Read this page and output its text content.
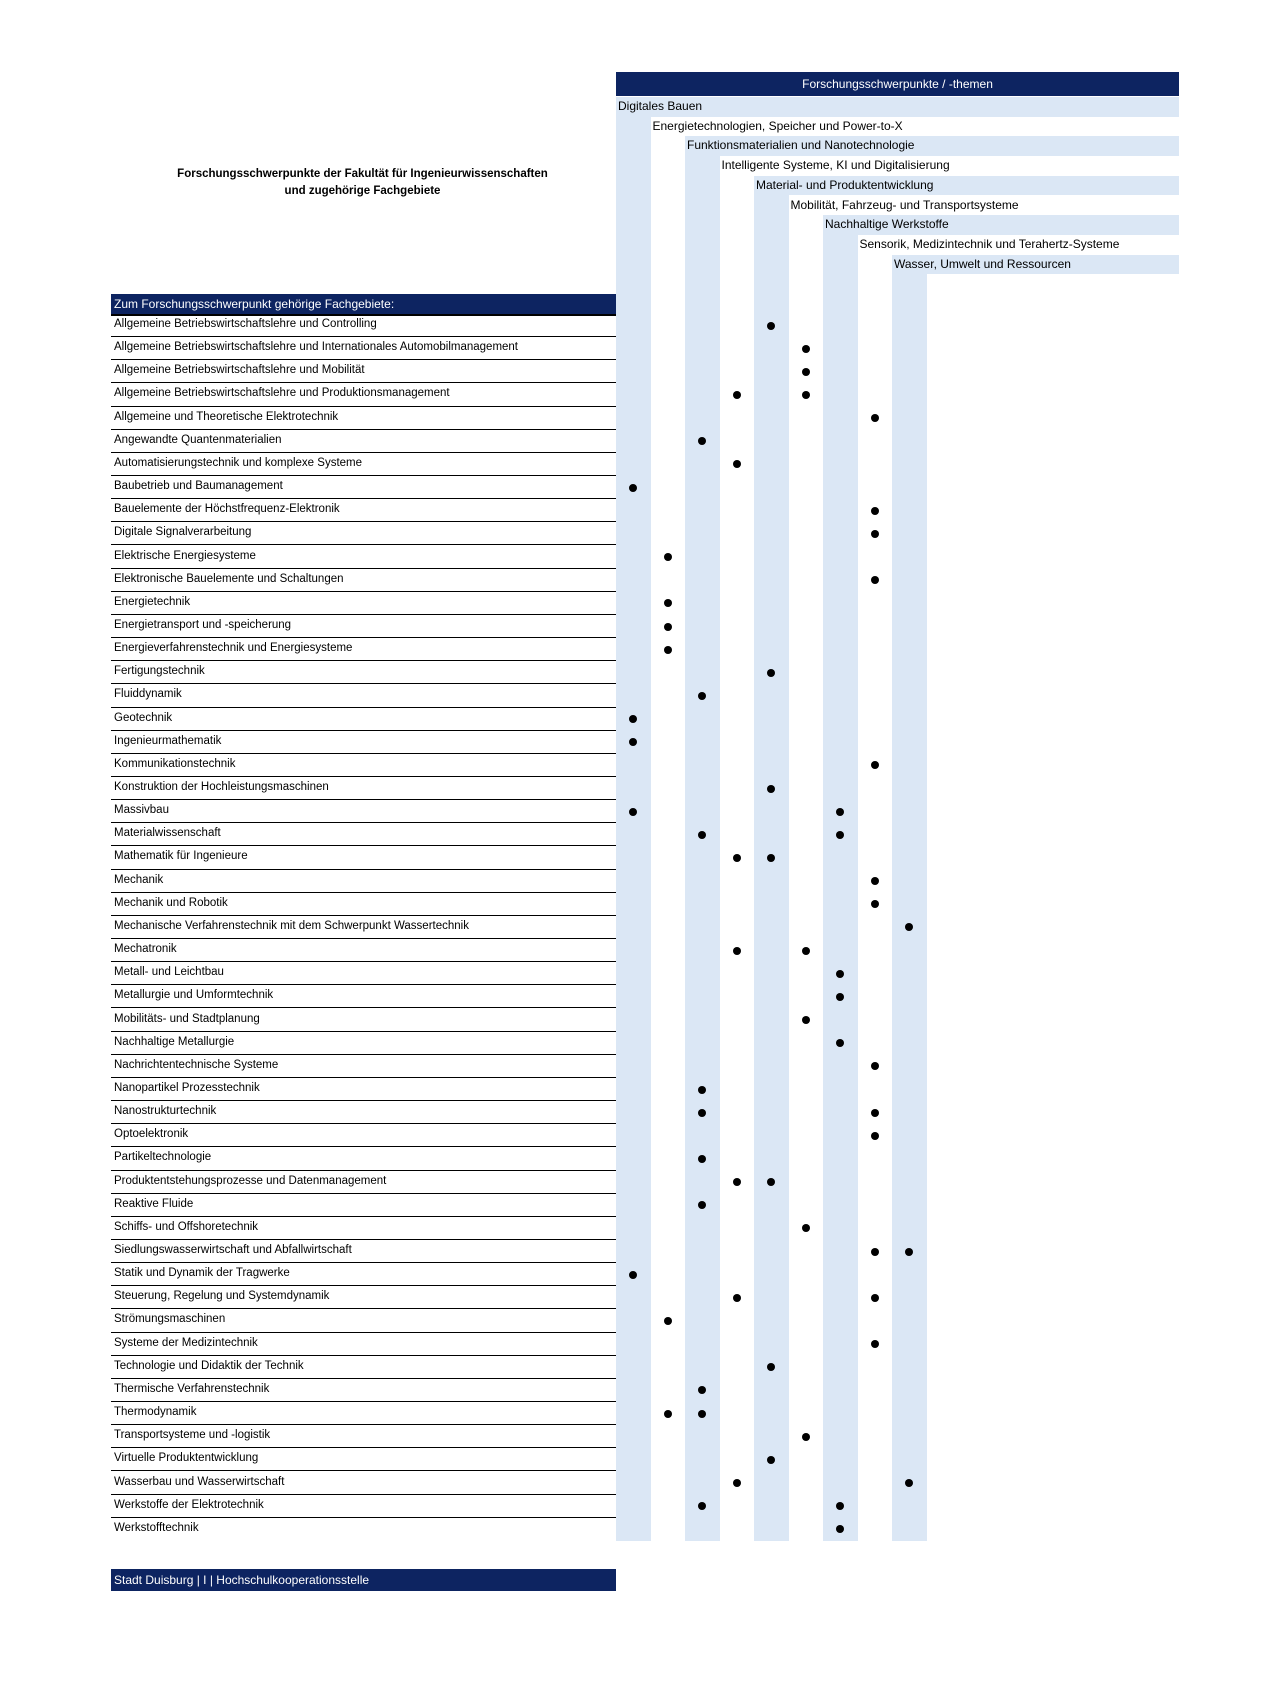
Forschungsschwerpunkte der Fakultät für Ingenieurwissenschaften
und zugehörige Fachgebiete
Forschungsschwerpunkte / -themen
Digitales Bauen
Energietechnologien, Speicher und Power-to-X
Funktionsmaterialien und Nanotechnologie
Intelligente Systeme, KI und Digitalisierung
Material- und Produktentwicklung
Mobilität, Fahrzeug- und Transportsysteme
Nachhaltige Werkstoffe
Sensorik, Medizintechnik und Terahertz-Systeme
Wasser, Umwelt und Ressourcen
Zum Forschungsschwerpunkt gehörige Fachgebiete:
Allgemeine Betriebswirtschaftslehre und Controlling
Allgemeine Betriebswirtschaftslehre und Internationales Automobilmanagement
Allgemeine Betriebswirtschaftslehre und Mobilität
Allgemeine Betriebswirtschaftslehre und Produktionsmanagement
Allgemeine und Theoretische Elektrotechnik
Angewandte Quantenmaterialien
Automatisierungstechnik und komplexe Systeme
Baubetrieb und Baumanagement
Bauelemente der Höchstfrequenz-Elektronik
Digitale Signalverarbeitung
Elektrische Energiesysteme
Elektronische Bauelemente und Schaltungen
Energietechnik
Energietransport und -speicherung
Energieverfahrenstechnik und Energiesysteme
Fertigungstechnik
Fluiddynamik
Geotechnik
Ingenieurmathematik
Kommunikationstechnik
Konstruktion der Hochleistungsmaschinen
Massivbau
Materialwissenschaft
Mathematik für Ingenieure
Mechanik
Mechanik und Robotik
Mechanische Verfahrenstechnik mit dem Schwerpunkt Wassertechnik
Mechatronik
Metall- und Leichtbau
Metallurgie und Umformtechnik
Mobilitäts- und Stadtplanung
Nachhaltige Metallurgie
Nachrichtentechnische Systeme
Nanopartikel Prozesstechnik
Nanostrukturtechnik
Optoelektronik
Partikeltechnologie
Produktentstehungsprozesse und Datenmanagement
Reaktive Fluide
Schiffs- und Offshoretechnik
Siedlungswasserwirtschaft und Abfallwirtschaft
Statik und Dynamik der Tragwerke
Steuerung, Regelung und Systemdynamik
Strömungsmaschinen
Systeme der Medizintechnik
Technologie und Didaktik der Technik
Thermische Verfahrenstechnik
Thermodynamik
Transportsysteme und -logistik
Virtuelle Produktentwicklung
Wasserbau und Wasserwirtschaft
Werkstoffe der Elektrotechnik
Werkstofftechnik
Stadt Duisburg | I | Hochschulkooperationsstelle
